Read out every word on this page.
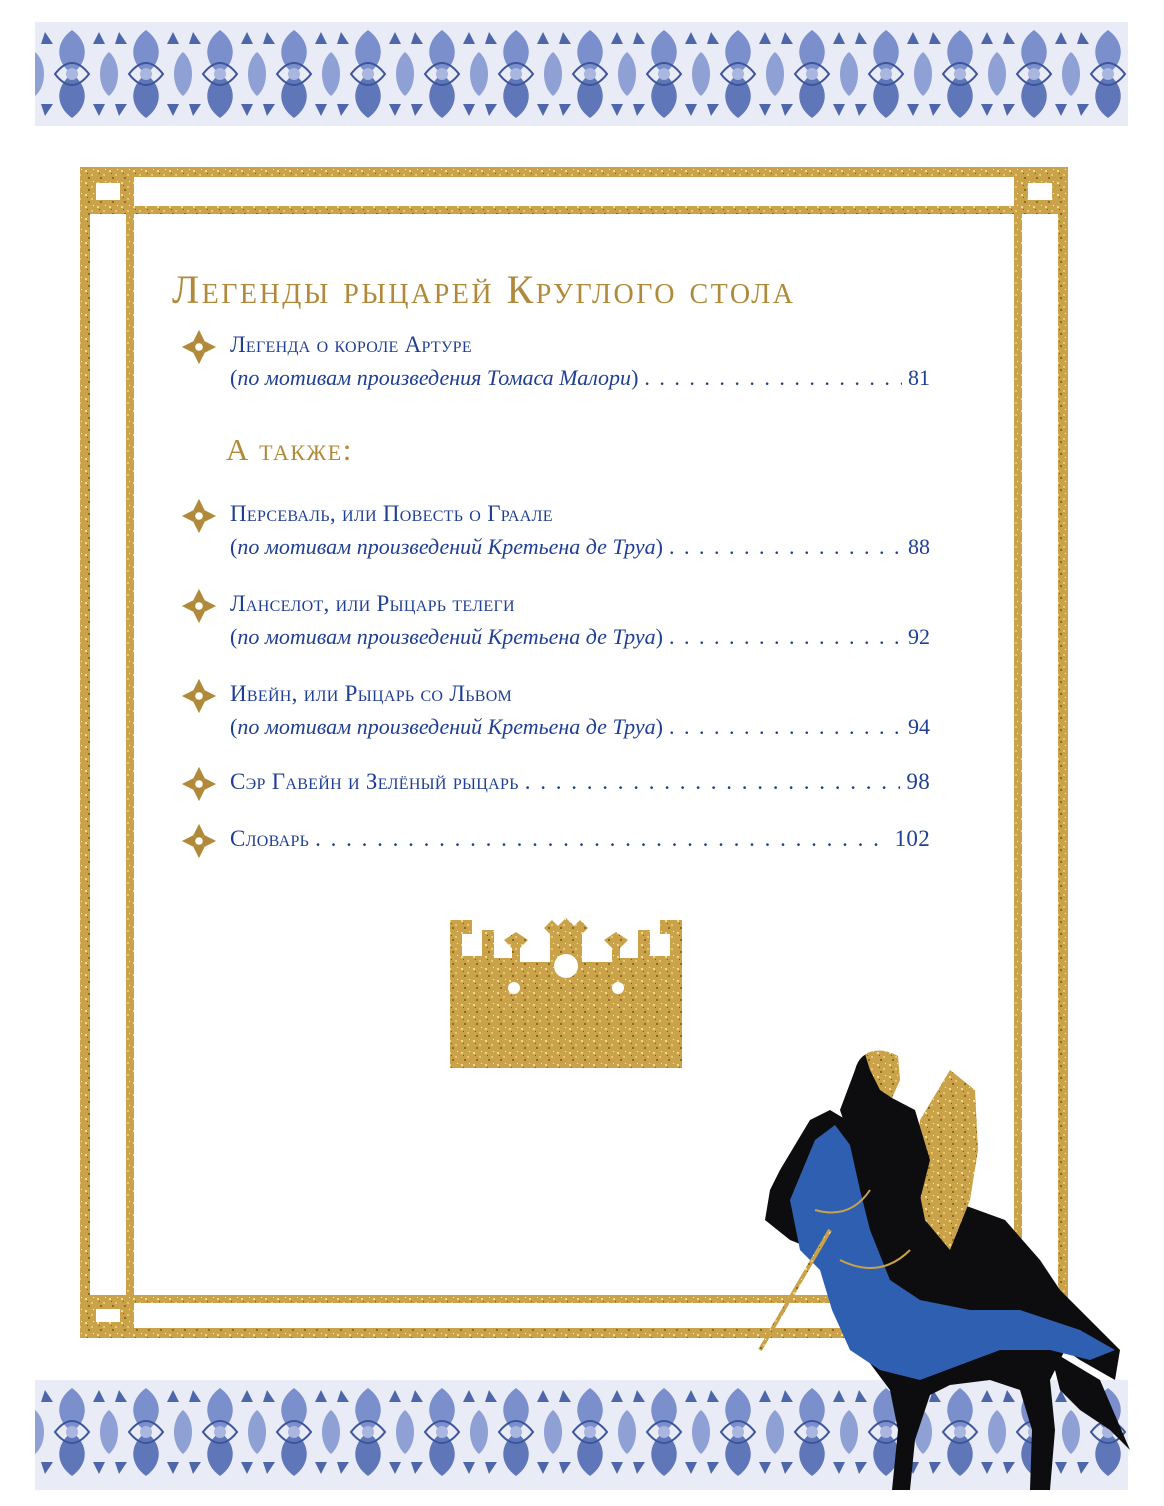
Легенды рыцарей Круглого стола
Легенда о короле Артуре
( по мотивам произведения Томаса Малори ) . . .	81
А также:
Персеваль, или Повесть о Граале
( по мотивам произведений Кретьена де Труа ) . . .	88
Ланселот, или Рыцарь телеги
( по мотивам произведений Кретьена де Труа ) . . .	92
Ивейн, или Рыцарь со Львом
( по мотивам произведений Кретьена де Труа ) . . .	94
Сэр Гавейн и Зелёный рыцарь . . .	98
Словарь . . .	102
